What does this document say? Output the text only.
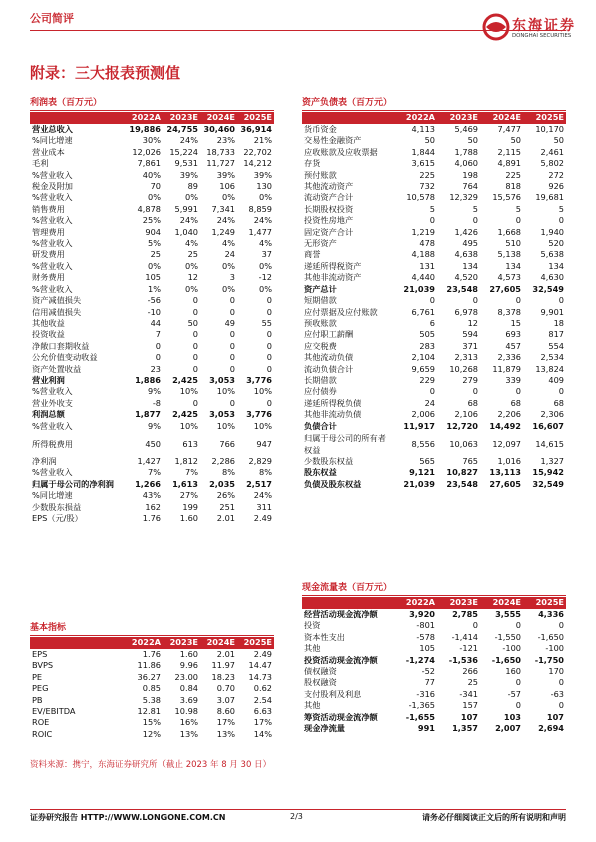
公司简评	东海证券
DONGHAI SECURITIES
附录：三大报表预测值
利润表（百万元）
	2022A	2023E	2024E	2025E
营业总收入	19,886	24,755	30,460	36,914
%同比增速	30%	24%	23%	21%
营业成本	12,026	15,224	18,733	22,702
毛利	7,861	9,531	11,727	14,212
%营业收入	40%	39%	39%	39%
税金及附加	70	89	106	130
%营业收入	0%	0%	0%	0%
销售费用	4,878	5,991	7,341	8,859
%营业收入	25%	24%	24%	24%
管理费用	904	1,040	1,249	1,477
%营业收入	5%	4%	4%	4%
研发费用	25	25	24	37
%营业收入	0%	0%	0%	0%
财务费用	105	12	3	-12
%营业收入	1%	0%	0%	0%
资产减值损失	-56	0	0	0
信用减值损失	-10	0	0	0
其他收益	44	50	49	55
投资收益	7	0	0	0
净敞口套期收益	0	0	0	0
公允价值变动收益	0	0	0	0
资产处置收益	23	0	0	0
营业利润	1,886	2,425	3,053	3,776
%营业收入	9%	10%	10%	10%
营业外收支	-8	0	0	0
利润总额	1,877	2,425	3,053	3,776
%营业收入	9%	10%	10%	10%
所得税费用	450	613	766	947
净利润	1,427	1,812	2,286	2,829
%营业收入	7%	7%	8%	8%
归属于母公司的净利润	1,266	1,613	2,035	2,517
%同比增速	43%	27%	26%	24%
少数股东损益	162	199	251	311
EPS（元/股）	1.76	1.60	2.01	2.49
基本指标
	2022A	2023E	2024E	2025E
EPS	1.76	1.60	2.01	2.49
BVPS	11.86	9.96	11.97	14.47
PE	36.27	23.00	18.23	14.73
PEG	0.85	0.84	0.70	0.62
PB	5.38	3.69	3.07	2.54
EV/EBITDA	12.81	10.98	8.60	6.63
ROE	15%	16%	17%	17%
ROIC	12%	13%	13%	14%
资产负债表（百万元）
	2022A	2023E	2024E	2025E
货币资金	4,113	5,469	7,477	10,170
交易性金融资产	50	50	50	50
应收账款及应收票据	1,844	1,788	2,115	2,461
存货	3,615	4,060	4,891	5,802
预付账款	225	198	225	272
其他流动资产	732	764	818	926
流动资产合计	10,578	12,329	15,576	19,681
长期股权投资	5	5	5	5
投资性房地产	0	0	0	0
固定资产合计	1,219	1,426	1,668	1,940
无形资产	478	495	510	520
商誉	4,188	4,638	5,138	5,638
递延所得税资产	131	134	134	134
其他非流动资产	4,440	4,520	4,573	4,630
资产总计	21,039	23,548	27,605	32,549
短期借款	0	0	0	0
应付票据及应付账款	6,761	6,978	8,378	9,901
预收账款	6	12	15	18
应付职工薪酬	505	594	693	817
应交税费	283	371	457	554
其他流动负债	2,104	2,313	2,336	2,534
流动负债合计	9,659	10,268	11,879	13,824
长期借款	229	279	339	409
应付债券	0	0	0	0
递延所得税负债	24	68	68	68
其他非流动负债	2,006	2,106	2,206	2,306
负债合计	11,917	12,720	14,492	16,607
归属于母公司的所有者权益	8,556	10,063	12,097	14,615
少数股东权益	565	765	1,016	1,327
股东权益	9,121	10,827	13,113	15,942
负债及股东权益	21,039	23,548	27,605	32,549
现金流量表（百万元）
	2022A	2023E	2024E	2025E
经营活动现金流净额	3,920	2,785	3,555	4,336
投资	-801	0	0	0
资本性支出	-578	-1,414	-1,550	-1,650
其他	105	-121	-100	-100
投资活动现金流净额	-1,274	-1,536	-1,650	-1,750
债权融资	-52	266	160	170
股权融资	77	25	0	0
支付股利及利息	-316	-341	-57	-63
其他	-1,365	157	0	0
筹资活动现金流净额	-1,655	107	103	107
现金净流量	991	1,357	2,007	2,694
资料来源：携宁，东海证券研究所（截止 2023 年 8 月 30 日）
证券研究报告 HTTP://WWW.LONGONE.COM.CN	2/3	请务必仔细阅读正文后的所有说明和声明
